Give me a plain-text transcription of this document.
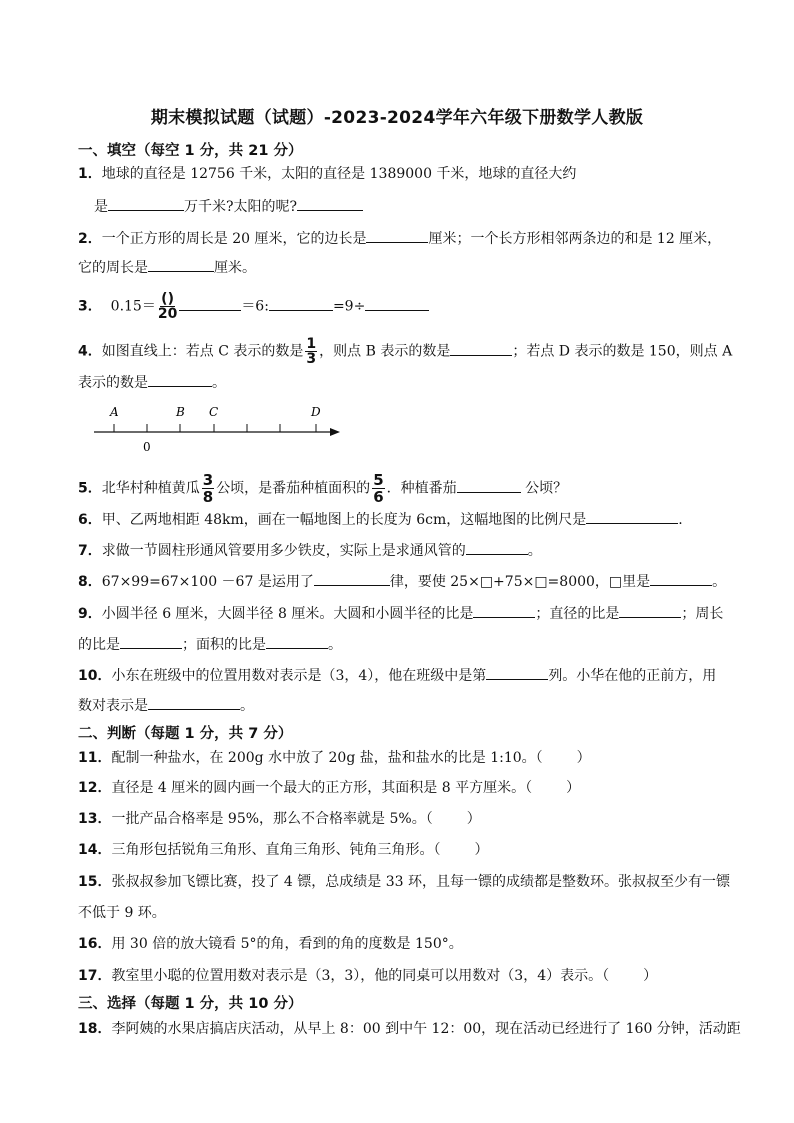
期末模拟试题（试题）-2023-2024学年六年级下册数学人教版
一、填空（每空 1 分，共 21 分）
1．地球的直径是 12756 千米，太阳的直径是 1389000 千米，地球的直径大约
是	万千米?太阳的呢?
2．一个正方形的周长是 20 厘米，它的边长是	厘米；一个长方形相邻两条边的和是 12 厘米，
它的周长是	厘米。
3． $0.15= \frac{()}{20}$	＝6:	=9÷
4．如图直线上：若点 C 表示的数是 $\frac{1}{3}$ ，则点 B 表示的数是	；若点 D 表示的数是 150，则点 A
表示的数是	。
A	B C	D
0
5．北华村种植黄瓜 $\frac{3}{8}$ 公顷，是番茄种植面积的 $\frac{5}{6}$ ．种植番茄	公顷？
6．甲、乙两地相距 48km，画在一幅地图上的长度为 6cm，这幅地图的比例尺是	.
7．求做一节圆柱形通风管要用多少铁皮，实际上是求通风管的	。
8．67×99=67×100 －67 是运用了	律，要使 25×□+75×□=8000，□里是	。
9．小圆半径 6 厘米，大圆半径 8 厘米。大圆和小圆半径的比是	；直径的比是	；周长
的比是	；面积的比是	。
10．小东在班级中的位置用数对表示是（3，4），他在班级中是第	列。小华在他的正前方，用
数对表示是	。
二、判断（每题 1 分，共 7 分）
11．配制一种盐水，在 200g 水中放了 20g 盐，盐和盐水的比是 1:10。（ ）
12．直径是 4 厘米的圆内画一个最大的正方形，其面积是 8 平方厘米。（ ）
13．一批产品合格率是 95%，那么不合格率就是 5%。（ ）
14．三角形包括锐角三角形、直角三角形、钝角三角形。（ ）
15．张叔叔参加飞镖比赛，投了 4 镖，总成绩是 33 环，且每一镖的成绩都是整数环。张叔叔至少有一镖
不低于 9 环。
16．用 30 倍的放大镜看 5°的角，看到的角的度数是 150°。
17．教室里小聪的位置用数对表示是（3，3），他的同桌可以用数对（3，4）表示。（ ）
三、选择（每题 1 分，共 10 分）
18．李阿姨的水果店搞店庆活动，从早上 8：00 到中午 12：00，现在活动已经进行了 160 分钟，活动距
